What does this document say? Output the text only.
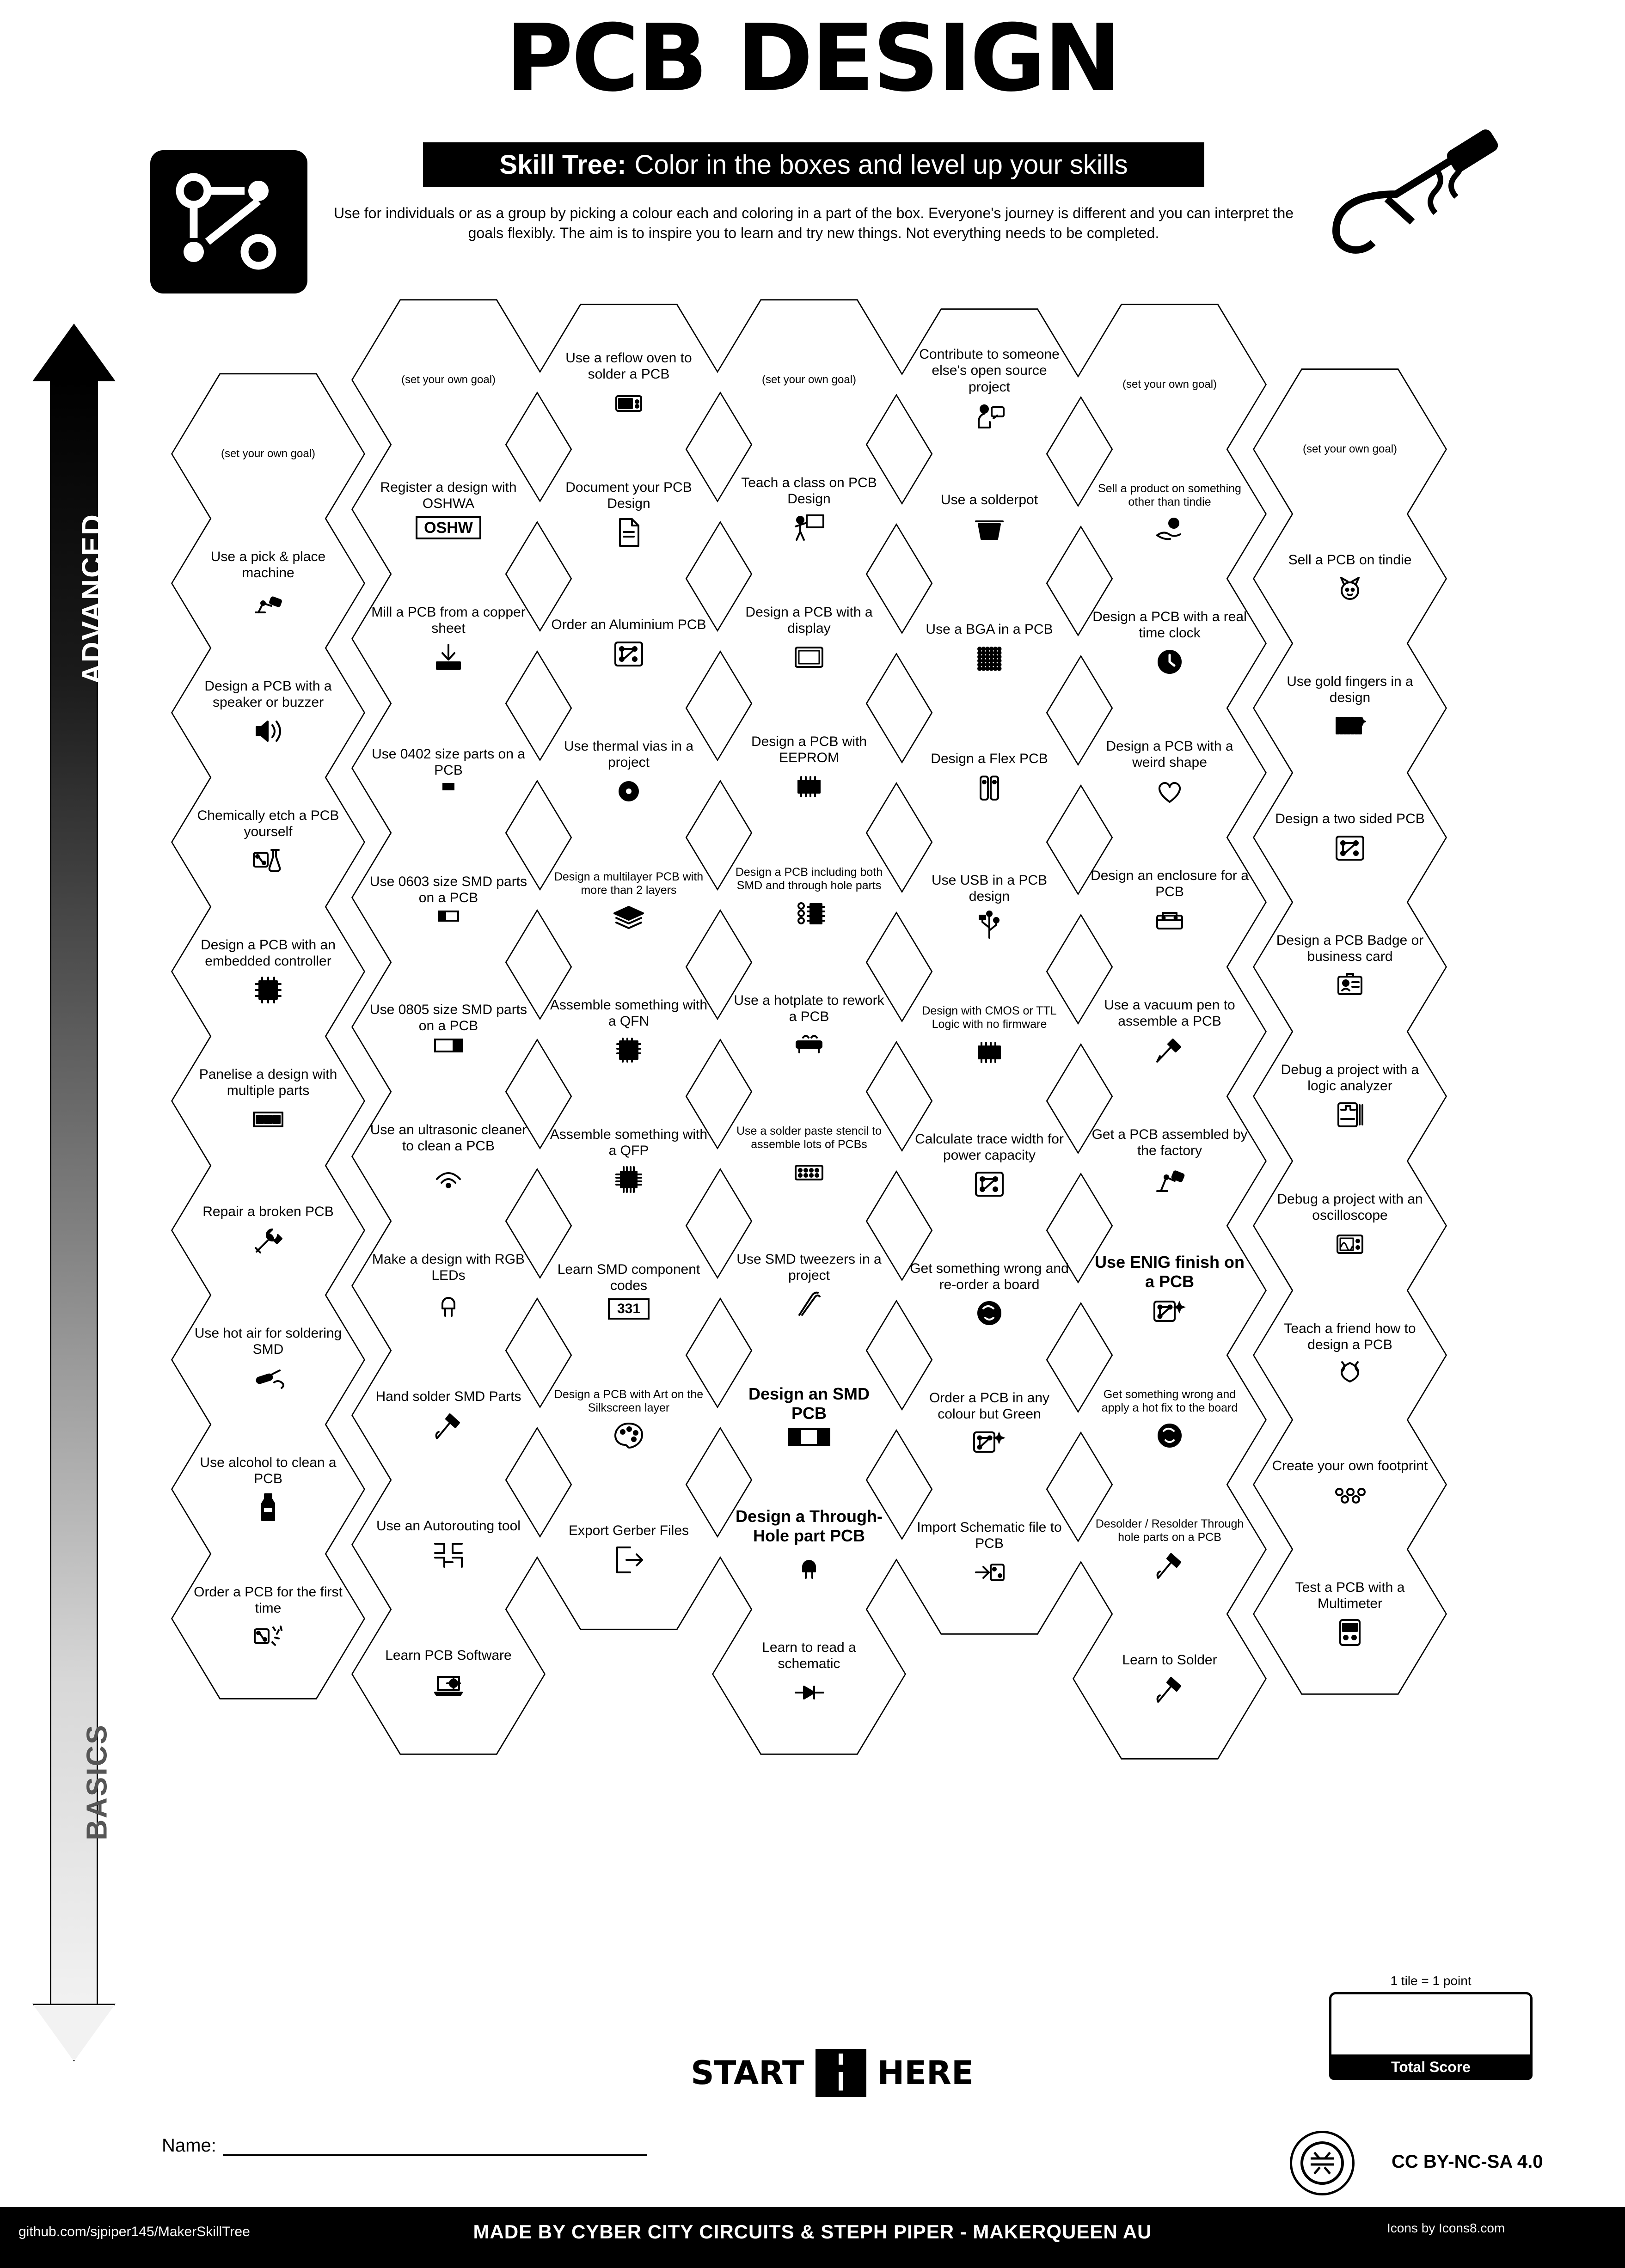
PCB DESIGN
Skill Tree: Color in the boxes and level up your skills
Use for individuals or as a group by picking a colour each and coloring in a part of the box. Everyone's journey is different and you can interpret the goals flexibly. The aim is to inspire you to learn and try new things. Not everything needs to be completed.
ADVANCED
BASICS
(set your own goal)
Register a design with OSHWA
OSHW
Mill a PCB from a copper sheet
Use 0402 size parts on a PCB
Use 0603 size SMD parts on a PCB
Use 0805 size SMD parts on a PCB
Use an ultrasonic cleaner to clean a PCB
Make a design with RGB LEDs
Hand solder SMD Parts
Use an Autorouting tool
Learn PCB Software
(set your own goal)
Use a pick & place machine
Design a PCB with a speaker or buzzer
Chemically etch a PCB yourself
Design a PCB with an embedded controller
Panelise a design with multiple parts
Repair a broken PCB
Use hot air for soldering SMD
Use alcohol to clean a PCB
Order a PCB for the first time
Use a reflow oven to solder a PCB
Document your PCB Design
Order an Aluminium PCB
Use thermal vias in a project
Design a multilayer PCB with more than 2 layers
Assemble something with a QFN
Assemble something with a QFP
Learn SMD component codes
331
Design a PCB with Art on the Silkscreen layer
Export Gerber Files
(set your own goal)
Teach a class on PCB Design
Design a PCB with a display
Design a PCB with EEPROM
Design a PCB including both SMD and through hole parts
Use a hotplate to rework a PCB
Use a solder paste stencil to assemble lots of PCBs
Use SMD tweezers in a project
Design an SMD PCB
Design a Through-Hole part PCB
Learn to read a schematic
Contribute to someone else's open source project
Use a solderpot
Use a BGA in a PCB
Design a Flex PCB
Use USB in a PCB design
Design with CMOS or TTL Logic with no firmware
Calculate trace width for power capacity
Get something wrong and re-order a board
Order a PCB in any colour but Green
Import Schematic file to PCB
(set your own goal)
Sell a product on something other than tindie
Design a PCB with a real time clock
Design a PCB with a weird shape
Design an enclosure for a PCB
Use a vacuum pen to assemble a PCB
Get a PCB assembled by the factory
Use ENIG finish on a PCB
Get something wrong and apply a hot fix to the board
Desolder / Resolder Through hole parts on a PCB
Learn to Solder
(set your own goal)
Sell a PCB on tindie
Use gold fingers in a design
Design a two sided PCB
Design a PCB Badge or business card
Debug a project with a logic analyzer
Debug a project with an oscilloscope
Teach a friend how to design a PCB
Create your own footprint
Test a PCB with a Multimeter
START HERE
1 tile = 1 point
Total Score
Name:
CC BY-NC-SA 4.0
github.com/sjpiper145/MakerSkillTree	MADE BY CYBER CITY CIRCUITS & STEPH PIPER - MAKERQUEEN AU	Icons by Icons8.com
